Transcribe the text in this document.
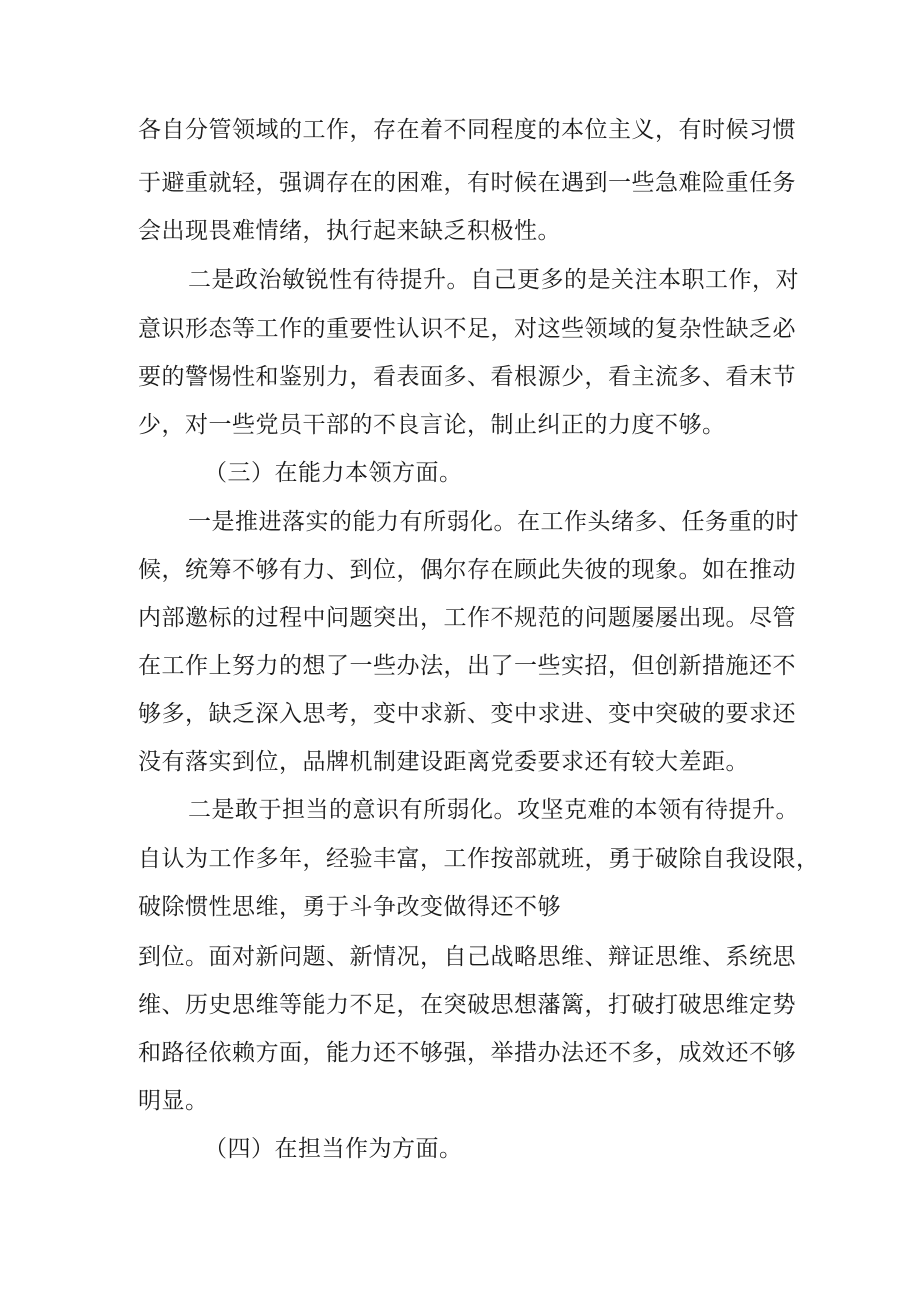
各自分管领域的工作，存在着不同程度的本位主义，有时候习惯
于避重就轻，强调存在的困难，有时候在遇到一些急难险重任务
会出现畏难情绪，执行起来缺乏积极性。
二是政治敏锐性有待提升。自己更多的是关注本职工作，对
意识形态等工作的重要性认识不足，对这些领域的复杂性缺乏必
要的警惕性和鉴别力，看表面多、看根源少，看主流多、看末节
少，对一些党员干部的不良言论，制止纠正的力度不够。
（三）在能力本领方面。
一是推进落实的能力有所弱化。在工作头绪多、任务重的时
候，统筹不够有力、到位，偶尔存在顾此失彼的现象。如在推动
内部邀标的过程中问题突出，工作不规范的问题屡屡出现。尽管
在工作上努力的想了一些办法，出了一些实招，但创新措施还不
够多，缺乏深入思考，变中求新、变中求进、变中突破的要求还
没有落实到位，品牌机制建设距离党委要求还有较大差距。
二是敢于担当的意识有所弱化。攻坚克难的本领有待提升。
自认为工作多年，经验丰富，工作按部就班，勇于破除自我设限，
破除惯性思维，勇于斗争改变做得还不够
到位。面对新问题、新情况，自己战略思维、辩证思维、系统思
维、历史思维等能力不足，在突破思想藩篱，打破打破思维定势
和路径依赖方面，能力还不够强，举措办法还不多，成效还不够
明显。
（四）在担当作为方面。
